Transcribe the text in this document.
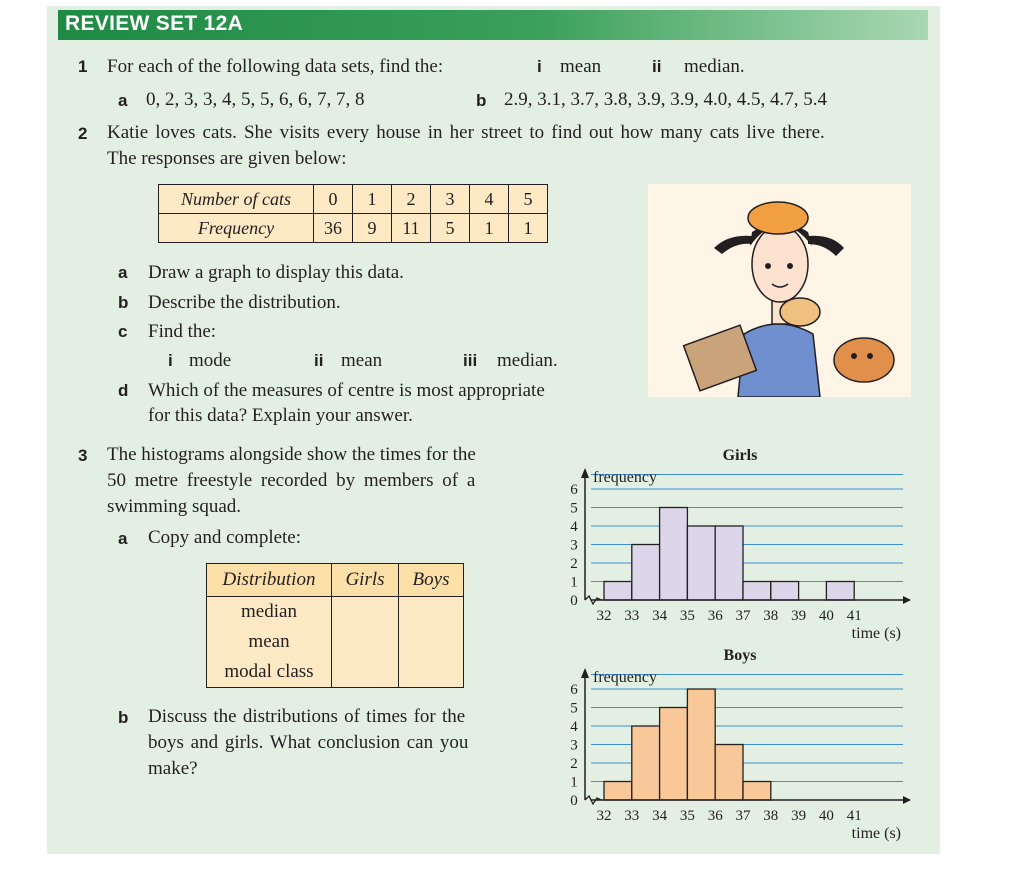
REVIEW SET 12A
1 For each of the following data sets, find the:	i mean	ii median.
a 0, 2, 3, 3, 4, 5, 5, 6, 6, 7, 7, 8	b 2.9, 3.1, 3.7, 3.8, 3.9, 3.9, 4.0, 4.5, 4.7, 5.4
2 Katie loves cats. She visits every house in her street to find out how many cats live there.
The responses are given below:
Number of cats	0	1	2	3	4	5
Frequency	36	9	11	5	1	1
a Draw a graph to display this data.
b Describe the distribution.
c Find the:
i mode	ii mean	iii median.
d Which of the measures of centre is most appropriate
for this data? Explain your answer.
3 The histograms alongside show the times for the
50 metre freestyle recorded by members of a
swimming squad.
a Copy and complete:
Distribution	Girls	Boys
median		
mean		
modal class		
b Discuss the distributions of times for the
boys and girls. What conclusion can you
make?
Girls
0
1
2
3
4
5
6
frequency
32 33 34 35 36 37 38 39 40 41
time (s)
Boys
0
1
2
3
4
5
6
frequency
32 33 34 35 36 37 38 39 40 41
time (s)
